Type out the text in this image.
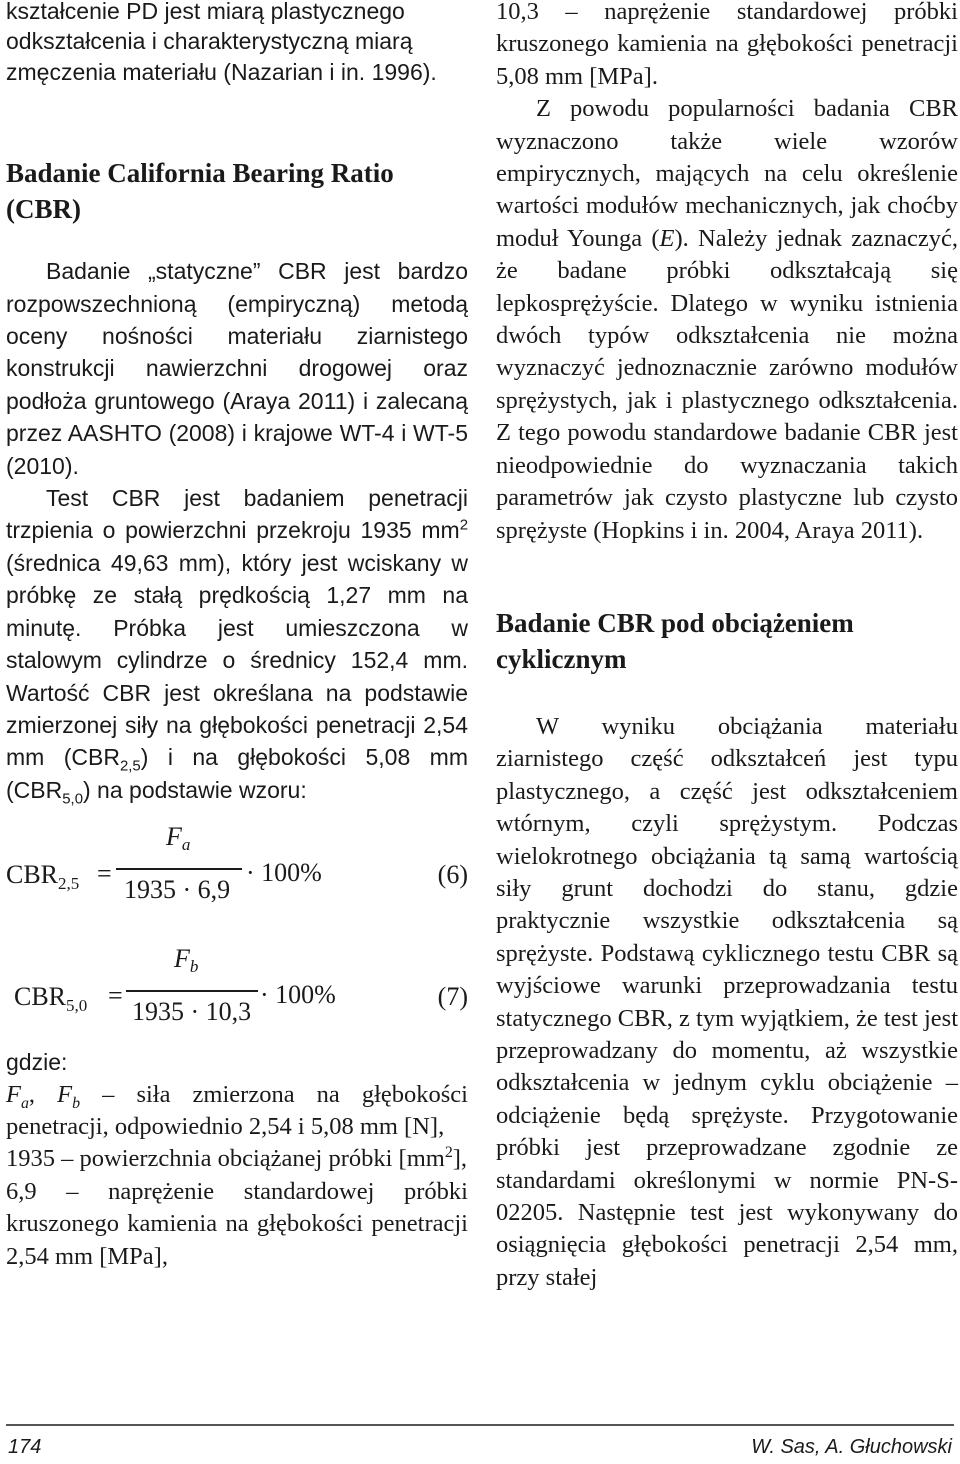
kształcenie PD jest miarą plastycznego odkształcenia i charakterystyczną miarą zmęczenia materiału (Nazarian i in. 1996).

Badanie California Bearing Ratio (CBR)

Badanie „statyczne” CBR jest bardzo rozpowszechnioną (empiryczną) metodą oceny nośności materiału ziarnistego konstrukcji nawierzchni drogowej oraz podłoża gruntowego (Araya 2011) i zalecaną przez AASHTO (2008) i krajowe WT-4 i WT-5 (2010).

Test CBR jest badaniem penetracji trzpienia o powierzchni przekroju 1935 $mm^2$ (średnica 49,63 mm), który jest wciskany w próbkę ze stałą prędkością 1,27 mm na minutę. Próbka jest umieszczona w stalowym cylindrze o średnicy 152,4 mm. Wartość CBR jest określana na podstawie zmierzonej siły na głębokości penetracji 2,54 mm $(CBR_{2,5})$ i na głębokości 5,08 mm $(CBR_{5,0})$ na podstawie wzoru:

$CBR_{2,5}$ =
$F_a$
1935 · 6,9
· 100%	(6)
$CBR_{5,0}$ =
$F_b$
1935 · 10,3
· 100%	(7)

gdzie:

$F_a$, $F_b$ – siła zmierzona na głębokości penetracji, odpowiednio 2,54 i 5,08 mm [N],

1935 – powierzchnia obciążanej próbki $[mm^2]$,

6,9 – naprężenie standardowej próbki kruszonego kamienia na głębokości penetracji 2,54 mm [MPa],

10,3 – naprężenie standardowej próbki kruszonego kamienia na głębokości penetracji 5,08 mm [MPa].

Z powodu popularności badania CBR wyznaczono także wiele wzorów empirycznych, mających na celu określenie wartości modułów mechanicznych, jak choćby moduł Younga (E). Należy jednak zaznaczyć, że badane próbki odkształcają się lepkosprężyście. Dlatego w wyniku istnienia dwóch typów odkształcenia nie można wyznaczyć jednoznacznie zarówno modułów sprężystych, jak i plastycznego odkształcenia. Z tego powodu standardowe badanie CBR jest nieodpowiednie do wyznaczania takich parametrów jak czysto plastyczne lub czysto sprężyste (Hopkins i in. 2004, Araya 2011).

Badanie CBR pod obciążeniem cyklicznym

W wyniku obciążania materiału ziarnistego część odkształceń jest typu plastycznego, a część jest odkształceniem wtórnym, czyli sprężystym. Podczas wielokrotnego obciążania tą samą wartością siły grunt dochodzi do stanu, gdzie praktycznie wszystkie odkształcenia są sprężyste. Podstawą cyklicznego testu CBR są wyjściowe warunki przeprowadzania testu statycznego CBR, z tym wyjątkiem, że test jest przeprowadzany do momentu, aż wszystkie odkształcenia w jednym cyklu obciążenie – odciążenie będą sprężyste. Przygotowanie próbki jest przeprowadzane zgodnie ze standardami określonymi w normie PN-S-02205. Następnie test jest wykonywany do osiągnięcia głębokości penetracji 2,54 mm, przy stałej

174	W. Sas, A. Głuchowski
